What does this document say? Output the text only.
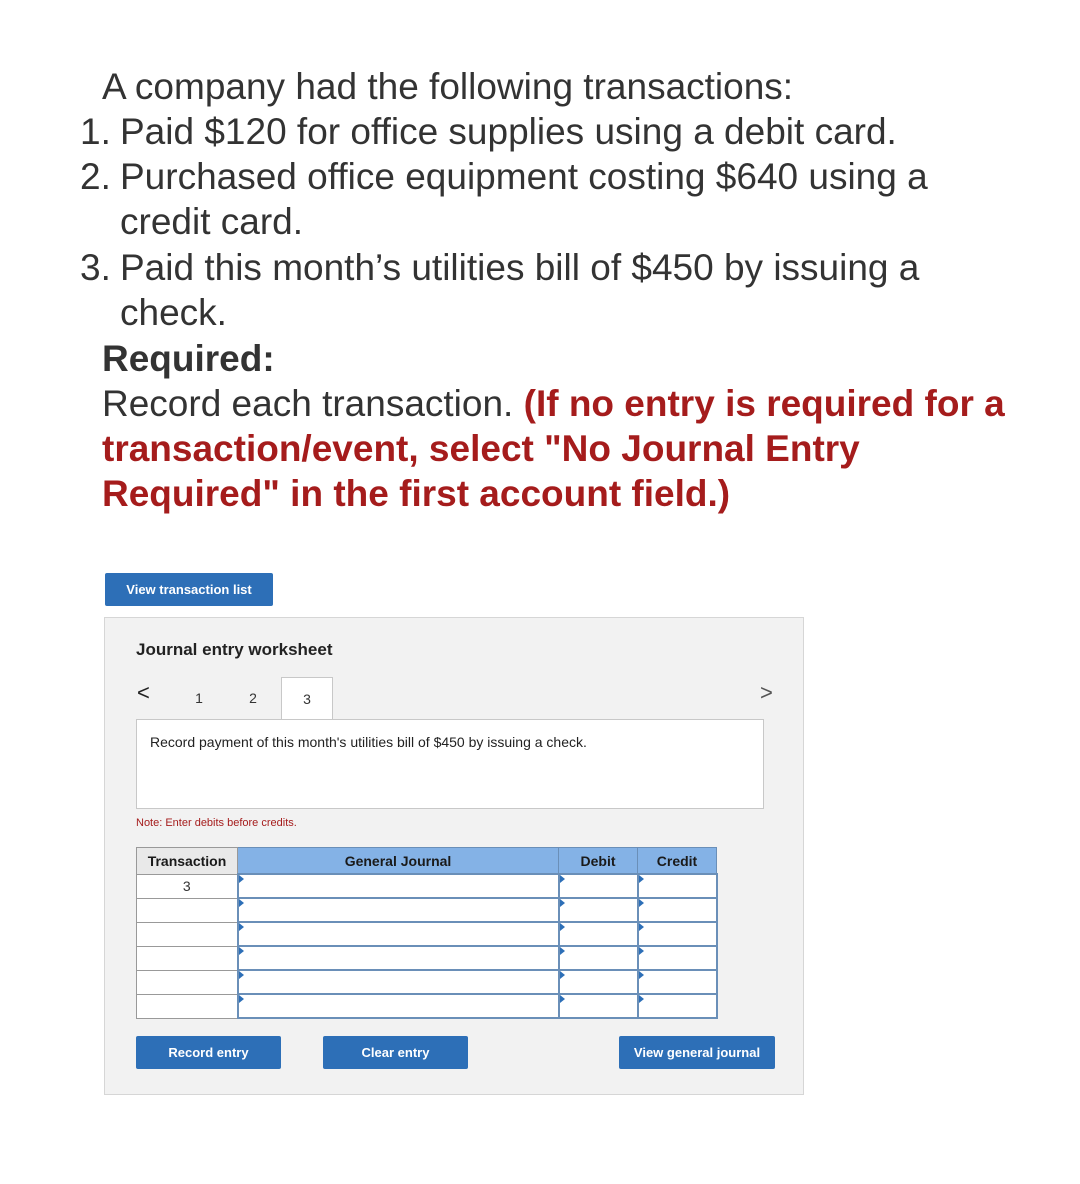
A company had the following transactions:
1. Paid $120 for office supplies using a debit card.
2. Purchased office equipment costing $640 using a credit card.
3. Paid this month’s utilities bill of $450 by issuing a check.
Required:
Record each transaction. (If no entry is required for a transaction/event, select "No Journal Entry Required" in the first account field.)
View transaction list
Journal entry worksheet
<	1	2	3	>
Record payment of this month's utilities bill of $450 by issuing a check.
Note: Enter debits before credits.
Transaction	General Journal	Debit	Credit
3			

Record entry	Clear entry	View general journal
